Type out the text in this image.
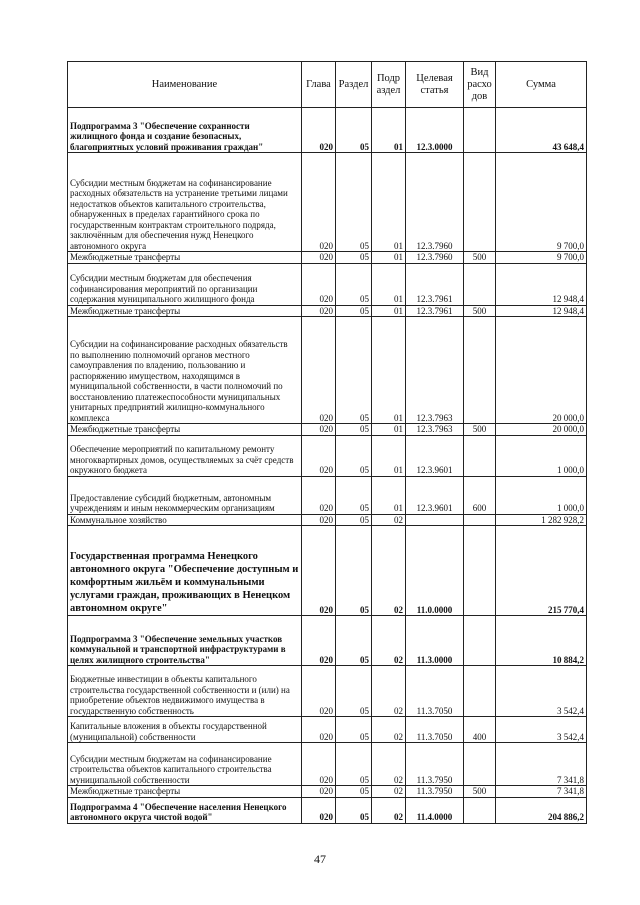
Наименование	Глава	Раздел	Подр аздел	Целевая статья	Вид расхо дов	Сумма
Подпрограмма 3 "Обеспечение сохранности жилищного фонда и создание безопасных, благоприятных условий проживания граждан"	020	05	01	12.3.0000		43 648,4
Субсидии местным бюджетам на софинансирование расходных обязательств на устранение третьими лицами недостатков объектов капитального строительства, обнаруженных в пределах гарантийного срока по государственным контрактам строительного подряда, заключённым для обеспечения нужд Ненецкого автономного округа	020	05	01	12.3.7960		9 700,0
Межбюджетные трансферты	020	05	01	12.3.7960	500	9 700,0
Субсидии местным бюджетам для обеспечения софинансирования мероприятий по организации содержания муниципального жилищного фонда	020	05	01	12.3.7961		12 948,4
Межбюджетные трансферты	020	05	01	12.3.7961	500	12 948,4
Субсидии на софинансирование расходных обязательств по выполнению полномочий органов местного самоуправления по владению, пользованию и распоряжению имуществом, находящимся в муниципальной собственности, в части полномочий по восстановлению платежеспособности муниципальных унитарных предприятий жилищно-коммунального комплекса	020	05	01	12.3.7963		20 000,0
Межбюджетные трансферты	020	05	01	12.3.7963	500	20 000,0
Обеспечение мероприятий по капитальному ремонту многоквартирных домов, осуществляемых за счёт средств окружного бюджета	020	05	01	12.3.9601		1 000,0
Предоставление субсидий бюджетным, автономным учреждениям и иным некоммерческим организациям	020	05	01	12.3.9601	600	1 000,0
Коммунальное хозяйство	020	05	02			1 282 928,2
Государственная программа Ненецкого автономного округа "Обеспечение доступным и комфортным жильём и коммунальными услугами граждан, проживающих в Ненецком автономном округе"	020	05	02	11.0.0000		215 770,4
Подпрограмма 3 "Обеспечение земельных участков коммунальной и транспортной инфраструктурами в целях жилищного строительства"	020	05	02	11.3.0000		10 884,2
Бюджетные инвестиции в объекты капитального строительства государственной собственности и (или) на приобретение объектов недвижимого имущества в государственную собственность	020	05	02	11.3.7050		3 542,4
Капитальные вложения в объекты государственной (муниципальной) собственности	020	05	02	11.3.7050	400	3 542,4
Субсидии местным бюджетам на софинансирование строительства объектов капитального строительства муниципальной собственности	020	05	02	11.3.7950		7 341,8
Межбюджетные трансферты	020	05	02	11.3.7950	500	7 341,8
Подпрограмма 4 "Обеспечение населения Ненецкого автономного округа чистой водой"	020	05	02	11.4.0000		204 886,2
47
